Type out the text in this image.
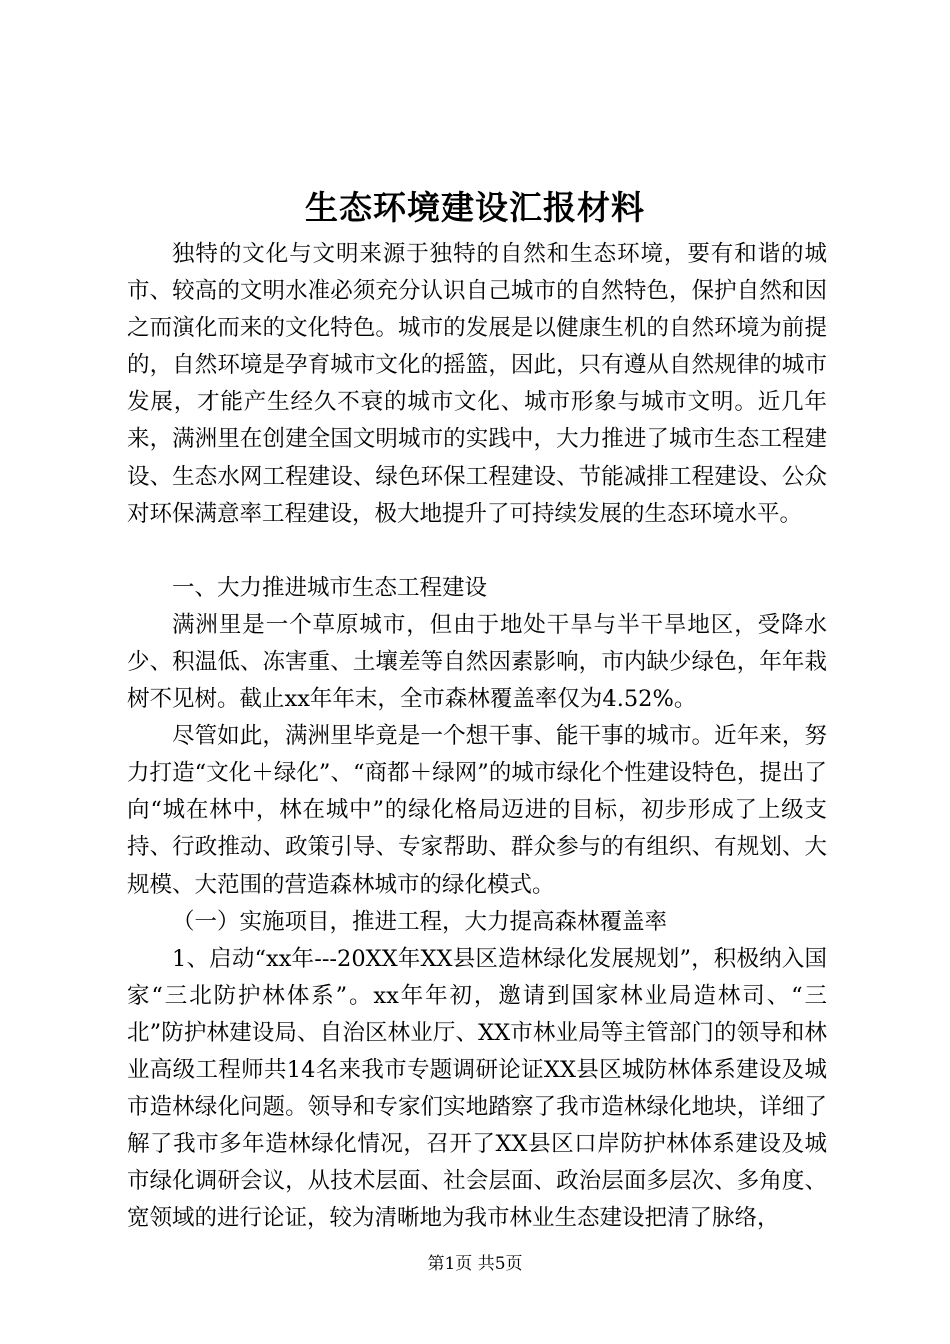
生态环境建设汇报材料

独特的文化与文明来源于独特的自然和生态环境，要有和谐的城市、较高的文明水准必须充分认识自己城市的自然特色，保护自然和因之而演化而来的文化特色。城市的发展是以健康生机的自然环境为前提的，自然环境是孕育城市文化的摇篮，因此，只有遵从自然规律的城市发展，才能产生经久不衰的城市文化、城市形象与城市文明。近几年来，满洲里在创建全国文明城市的实践中，大力推进了城市生态工程建设、生态水网工程建设、绿色环保工程建设、节能减排工程建设、公众对环保满意率工程建设，极大地提升了可持续发展的生态环境水平。

一、大力推进城市生态工程建设

满洲里是一个草原城市，但由于地处干旱与半干旱地区，受降水少、积温低、冻害重、土壤差等自然因素影响，市内缺少绿色，年年栽树不见树。截止xx年年末，全市森林覆盖率仅为4.52%。

尽管如此，满洲里毕竟是一个想干事、能干事的城市。近年来，努力打造“文化＋绿化”、“商都＋绿网”的城市绿化个性建设特色，提出了向“城在林中，林在城中”的绿化格局迈进的目标，初步形成了上级支持、行政推动、政策引导、专家帮助、群众参与的有组织、有规划、大规模、大范围的营造森林城市的绿化模式。

（一）实施项目，推进工程，大力提高森林覆盖率

1、启动“xx年---20XX年XX县区造林绿化发展规划”，积极纳入国家“三北防护林体系”。xx年年初，邀请到国家林业局造林司、“三北”防护林建设局、自治区林业厅、XX市林业局等主管部门的领导和林业高级工程师共14名来我市专题调研论证XX县区城防林体系建设及城市造林绿化问题。领导和专家们实地踏察了我市造林绿化地块，详细了解了我市多年造林绿化情况，召开了XX县区口岸防护林体系建设及城市绿化调研会议，从技术层面、社会层面、政治层面多层次、多角度、宽领域的进行论证，较为清晰地为我市林业生态建设把清了脉络，

第1页 共5页
